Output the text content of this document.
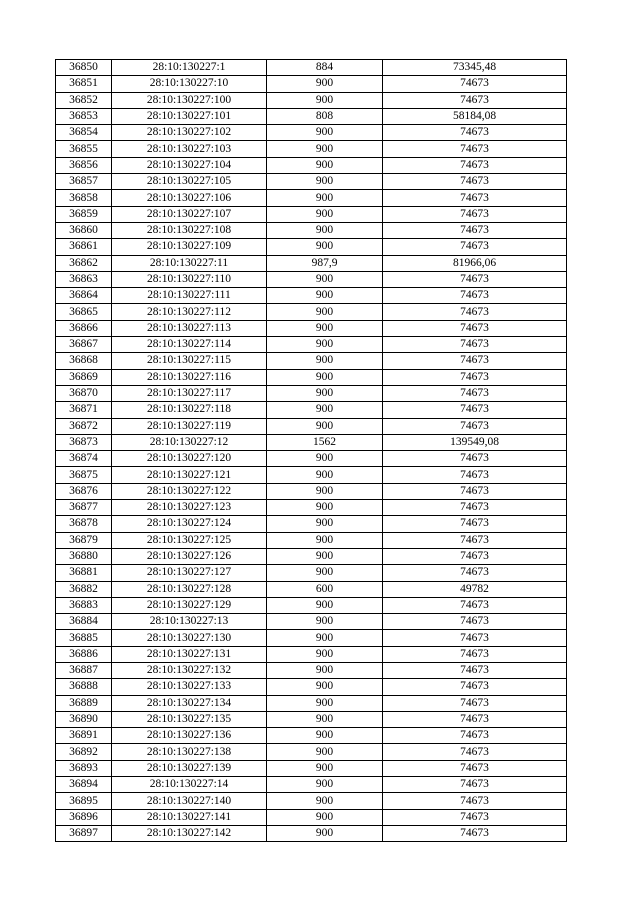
36850	28:10:130227:1	884	73345,48
36851	28:10:130227:10	900	74673
36852	28:10:130227:100	900	74673
36853	28:10:130227:101	808	58184,08
36854	28:10:130227:102	900	74673
36855	28:10:130227:103	900	74673
36856	28:10:130227:104	900	74673
36857	28:10:130227:105	900	74673
36858	28:10:130227:106	900	74673
36859	28:10:130227:107	900	74673
36860	28:10:130227:108	900	74673
36861	28:10:130227:109	900	74673
36862	28:10:130227:11	987,9	81966,06
36863	28:10:130227:110	900	74673
36864	28:10:130227:111	900	74673
36865	28:10:130227:112	900	74673
36866	28:10:130227:113	900	74673
36867	28:10:130227:114	900	74673
36868	28:10:130227:115	900	74673
36869	28:10:130227:116	900	74673
36870	28:10:130227:117	900	74673
36871	28:10:130227:118	900	74673
36872	28:10:130227:119	900	74673
36873	28:10:130227:12	1562	139549,08
36874	28:10:130227:120	900	74673
36875	28:10:130227:121	900	74673
36876	28:10:130227:122	900	74673
36877	28:10:130227:123	900	74673
36878	28:10:130227:124	900	74673
36879	28:10:130227:125	900	74673
36880	28:10:130227:126	900	74673
36881	28:10:130227:127	900	74673
36882	28:10:130227:128	600	49782
36883	28:10:130227:129	900	74673
36884	28:10:130227:13	900	74673
36885	28:10:130227:130	900	74673
36886	28:10:130227:131	900	74673
36887	28:10:130227:132	900	74673
36888	28:10:130227:133	900	74673
36889	28:10:130227:134	900	74673
36890	28:10:130227:135	900	74673
36891	28:10:130227:136	900	74673
36892	28:10:130227:138	900	74673
36893	28:10:130227:139	900	74673
36894	28:10:130227:14	900	74673
36895	28:10:130227:140	900	74673
36896	28:10:130227:141	900	74673
36897	28:10:130227:142	900	74673
